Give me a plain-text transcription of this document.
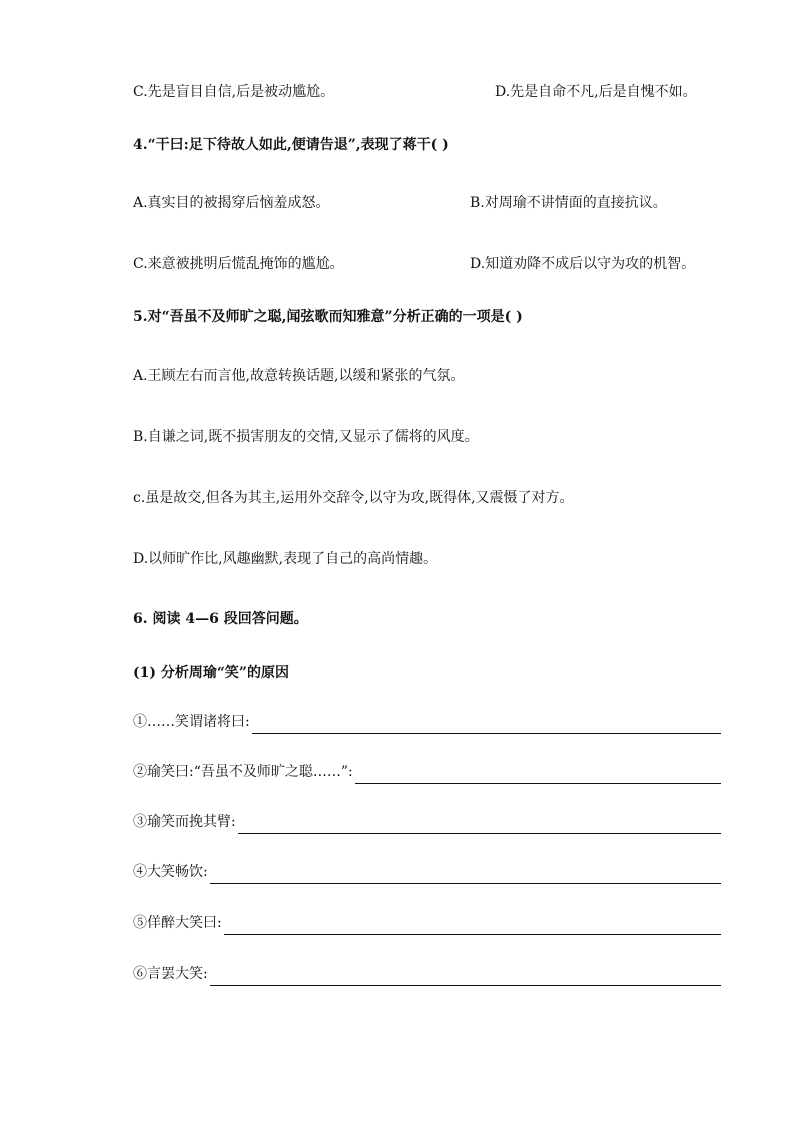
C.先是盲目自信,后是被动尴尬。	D.先是自命不凡,后是自愧不如。
4.“干曰:足下待故人如此,便请告退”,表现了蒋干( )
A.真实目的被揭穿后恼羞成怒。	B.对周瑜不讲情面的直接抗议。
C.来意被挑明后慌乱掩饰的尴尬。	D.知道劝降不成后以守为攻的机智。
5.对“吾虽不及师旷之聪,闻弦歌而知雅意”分析正确的一项是( )
A.王顾左右而言他,故意转换话题,以缓和紧张的气氛。
B.自谦之词,既不损害朋友的交情,又显示了儒将的风度。
c.虽是故交,但各为其主,运用外交辞令,以守为攻,既得体,又震慑了对方。
D.以师旷作比,风趣幽默,表现了自己的高尚情趣。
6. 阅读 4—6 段回答问题。
(1) 分析周瑜“笑”的原因
①……笑谓诸将曰:
②瑜笑曰:“吾虽不及师旷之聪……”:
③瑜笑而挽其臂:
④大笑畅饮:
⑤佯醉大笑曰:
⑥言罢大笑:
